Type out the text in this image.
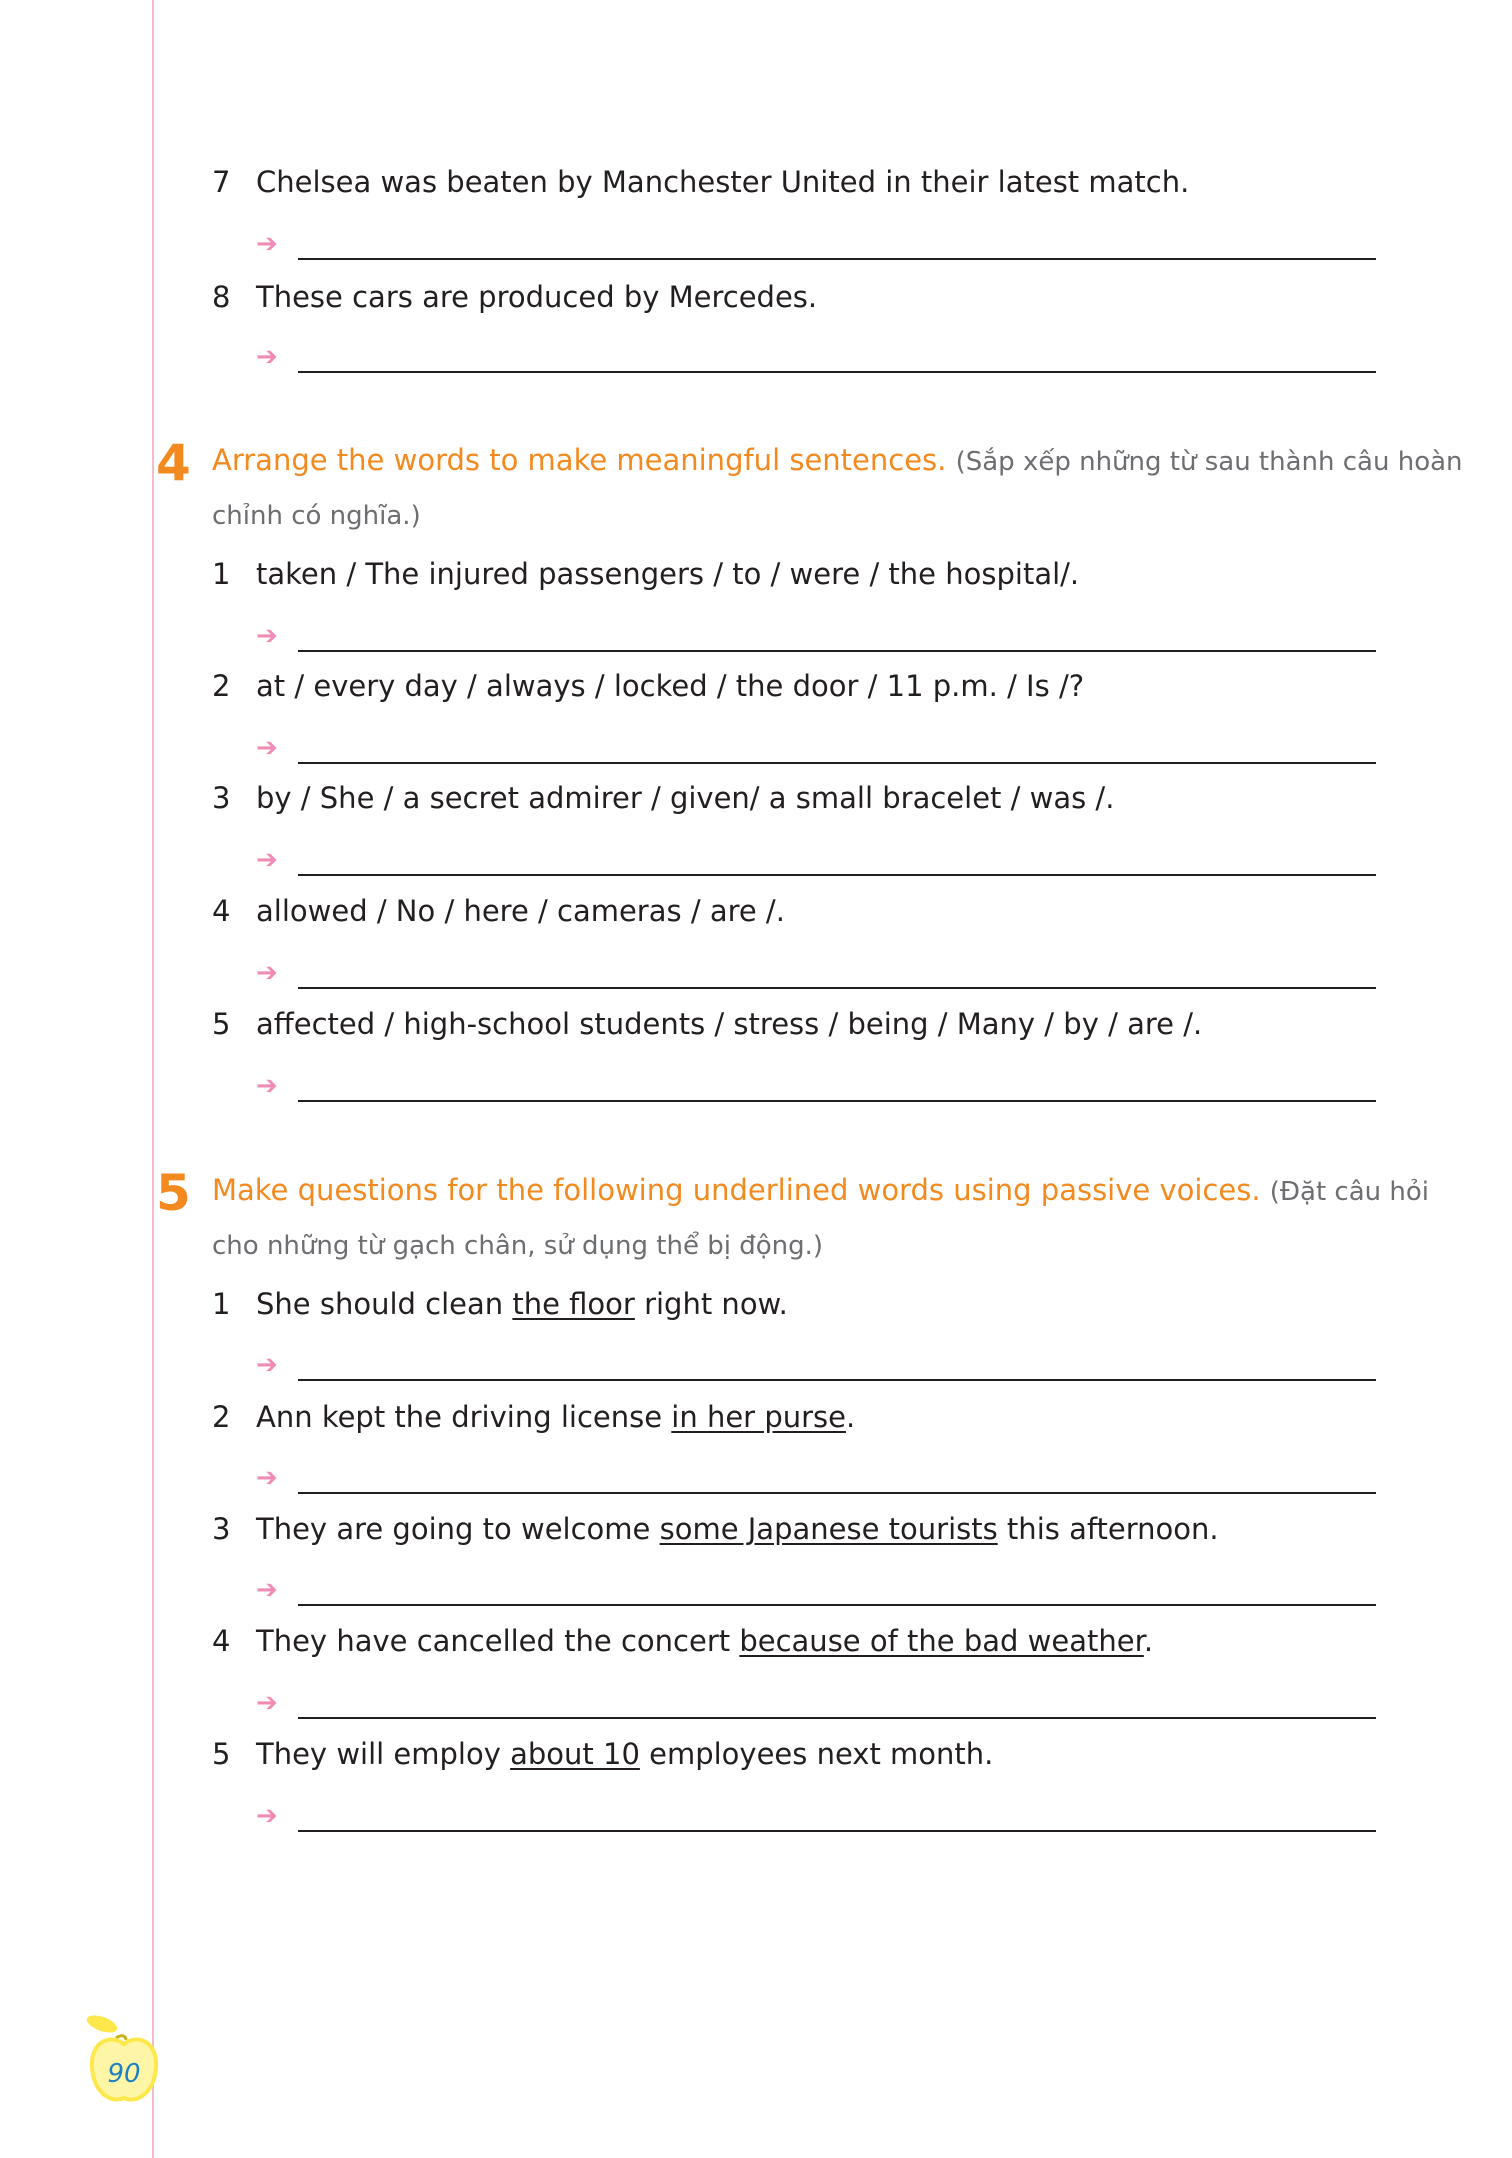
7 Chelsea was beaten by Manchester United in their latest match.
➔
8 These cars are produced by Mercedes.
➔
4 Arrange the words to make meaningful sentences. (Sắp xếp những từ sau thành câu hoàn
chỉnh có nghĩa.)
1 taken / The injured passengers / to / were / the hospital/.
➔
2 at / every day / always / locked / the door / 11 p.m. / Is /?
➔
3 by / She / a secret admirer / given/ a small bracelet / was /.
➔
4 allowed / No / here / cameras / are /.
➔
5 affected / high-school students / stress / being / Many / by / are /.
➔
5 Make questions for the following underlined words using passive voices. (Đặt câu hỏi
cho những từ gạch chân, sử dụng thể bị động.)
1 She should clean the floor right now.
➔
2 Ann kept the driving license in her purse.
➔
3 They are going to welcome some Japanese tourists this afternoon.
➔
4 They have cancelled the concert because of the bad weather.
➔
5 They will employ about 10 employees next month.
➔
90
